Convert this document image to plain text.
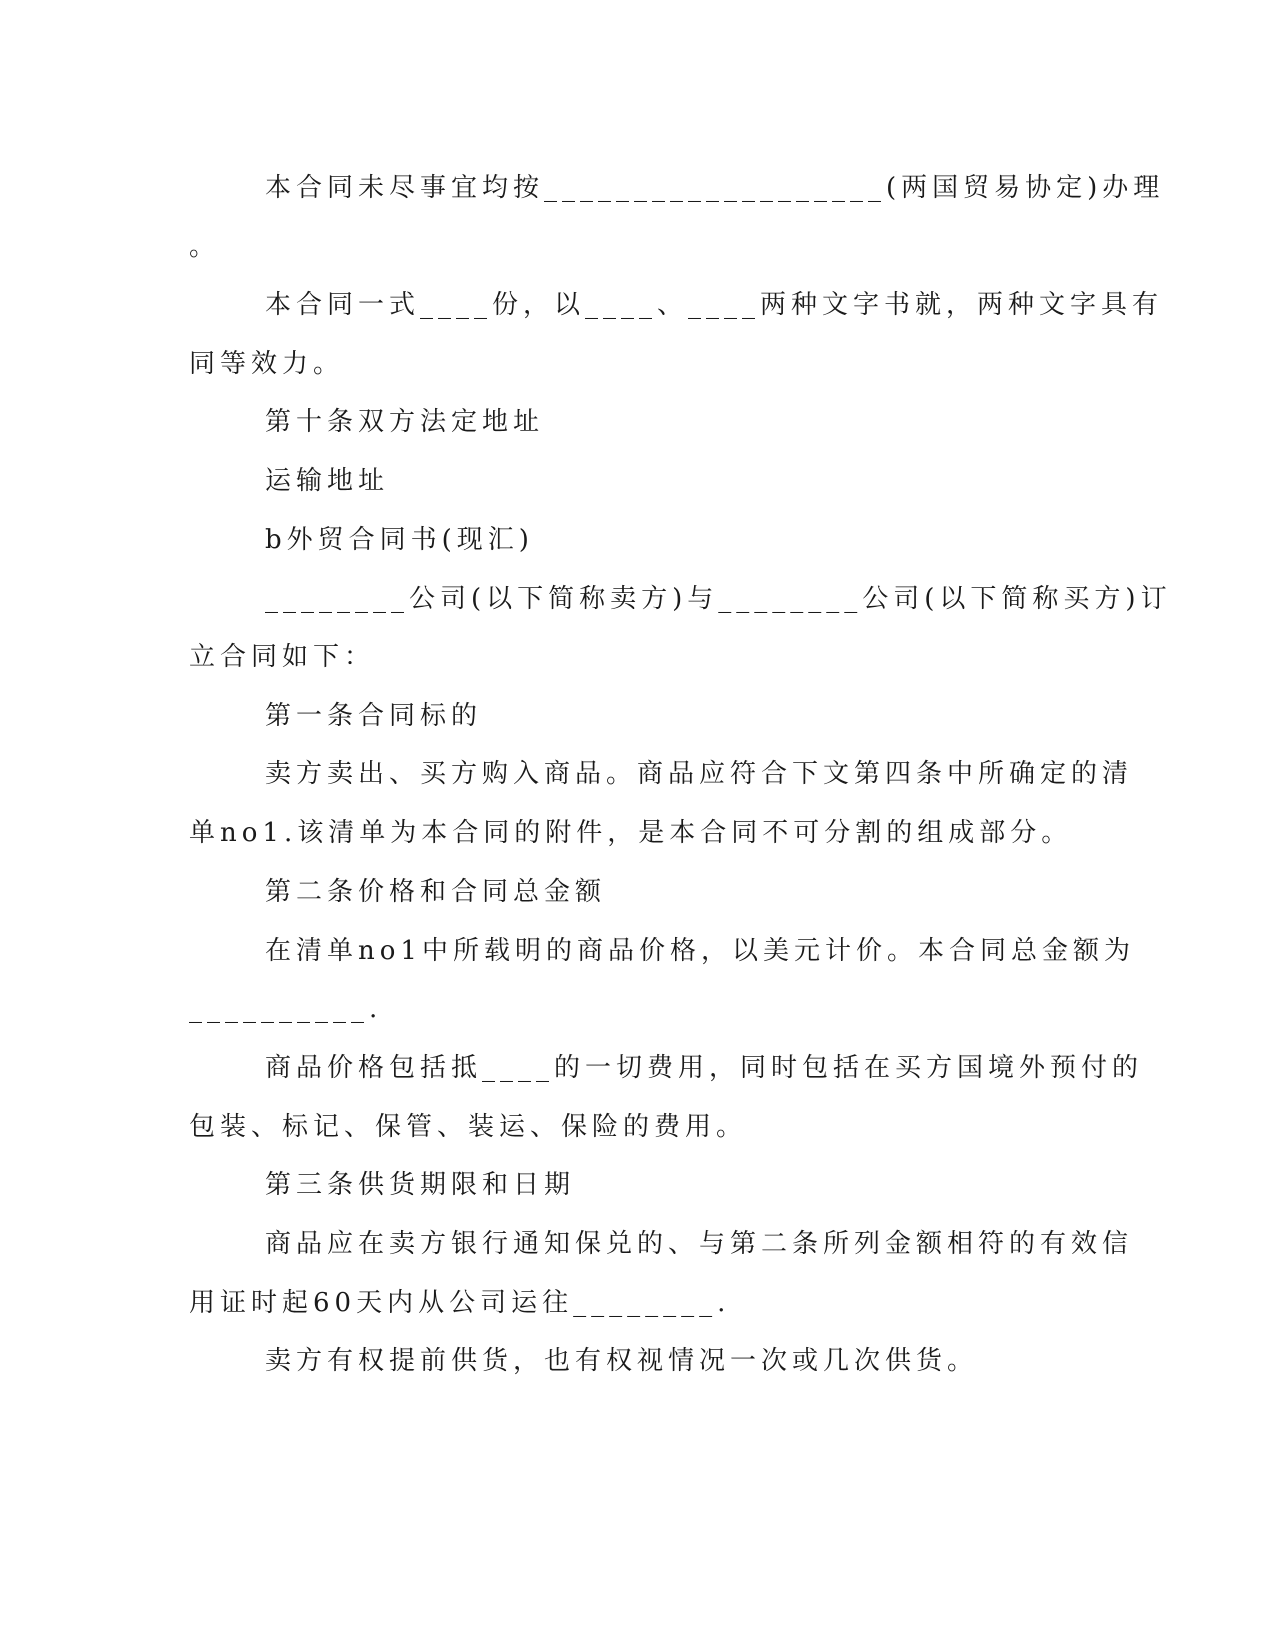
本合同未尽事宜均按___________________(两国贸易协定)办理
。
本合同一式____份，以____、____两种文字书就，两种文字具有
同等效力。
第十条双方法定地址
运输地址
b外贸合同书(现汇)
________公司(以下简称卖方)与________公司(以下简称买方)订
立合同如下：
第一条合同标的
卖方卖出、买方购入商品。商品应符合下文第四条中所确定的清
单no1.该清单为本合同的附件，是本合同不可分割的组成部分。
第二条价格和合同总金额
在清单no1中所载明的商品价格，以美元计价。本合同总金额为
__________.
商品价格包括抵____的一切费用，同时包括在买方国境外预付的
包装、标记、保管、装运、保险的费用。
第三条供货期限和日期
商品应在卖方银行通知保兑的、与第二条所列金额相符的有效信
用证时起60天内从公司运往________.
卖方有权提前供货，也有权视情况一次或几次供货。
